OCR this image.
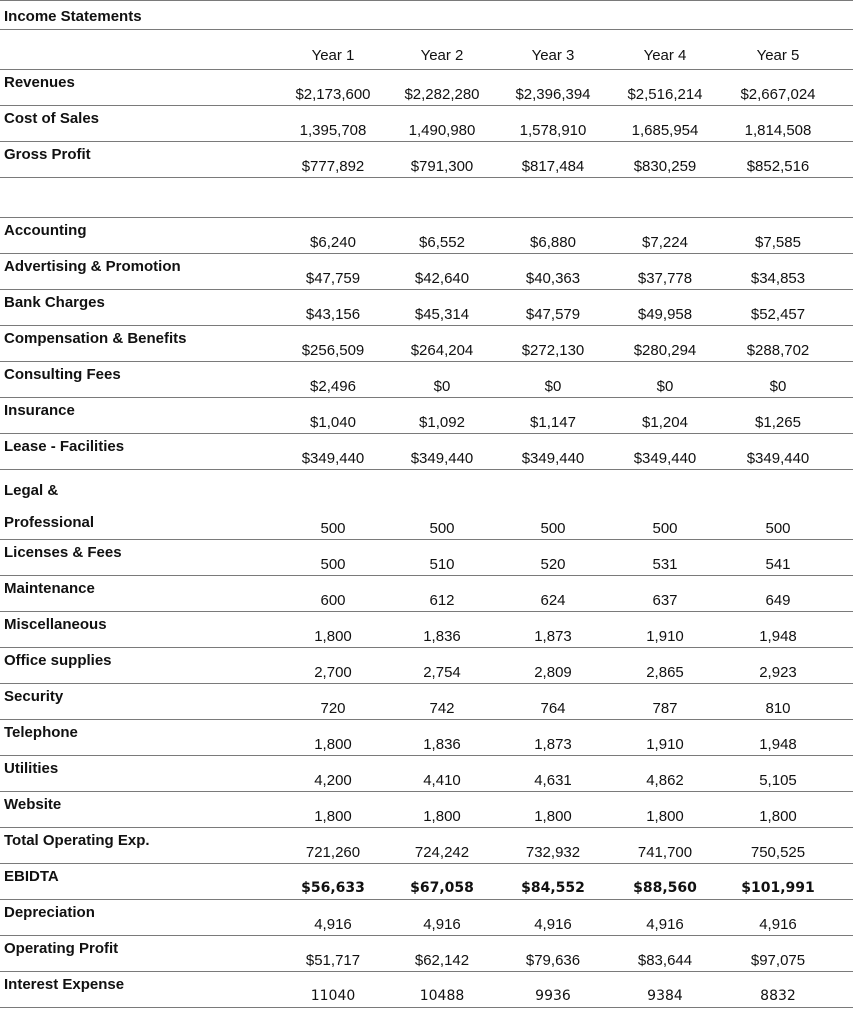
Income Statements
Year 1	Year 2	Year 3	Year 4	Year 5
Revenues
$2,173,600	$2,282,280	$2,396,394	$2,516,214	$2,667,024
Cost of Sales
1,395,708	1,490,980	1,578,910	1,685,954	1,814,508
Gross Profit
$777,892	$791,300	$817,484	$830,259	$852,516
Accounting
$6,240	$6,552	$6,880	$7,224	$7,585
Advertising & Promotion
$47,759	$42,640	$40,363	$37,778	$34,853
Bank Charges
$43,156	$45,314	$47,579	$49,958	$52,457
Compensation & Benefits
$256,509	$264,204	$272,130	$280,294	$288,702
Consulting Fees
$2,496	$0	$0	$0	$0
Insurance
$1,040	$1,092	$1,147	$1,204	$1,265
Lease - Facilities
$349,440	$349,440	$349,440	$349,440	$349,440
Legal &
Professional	500	500	500	500	500
Licenses & Fees
500	510	520	531	541
Maintenance
600	612	624	637	649
Miscellaneous
1,800	1,836	1,873	1,910	1,948
Office supplies
2,700	2,754	2,809	2,865	2,923
Security
720	742	764	787	810
Telephone
1,800	1,836	1,873	1,910	1,948
Utilities
4,200	4,410	4,631	4,862	5,105
Website
1,800	1,800	1,800	1,800	1,800
Total Operating Exp.
721,260	724,242	732,932	741,700	750,525
EBIDTA
$56,633	$67,058	$84,552	$88,560	$101,991
Depreciation
4,916	4,916	4,916	4,916	4,916
Operating Profit
$51,717	$62,142	$79,636	$83,644	$97,075
Interest Expense
11040	10488	9936	9384	8832
